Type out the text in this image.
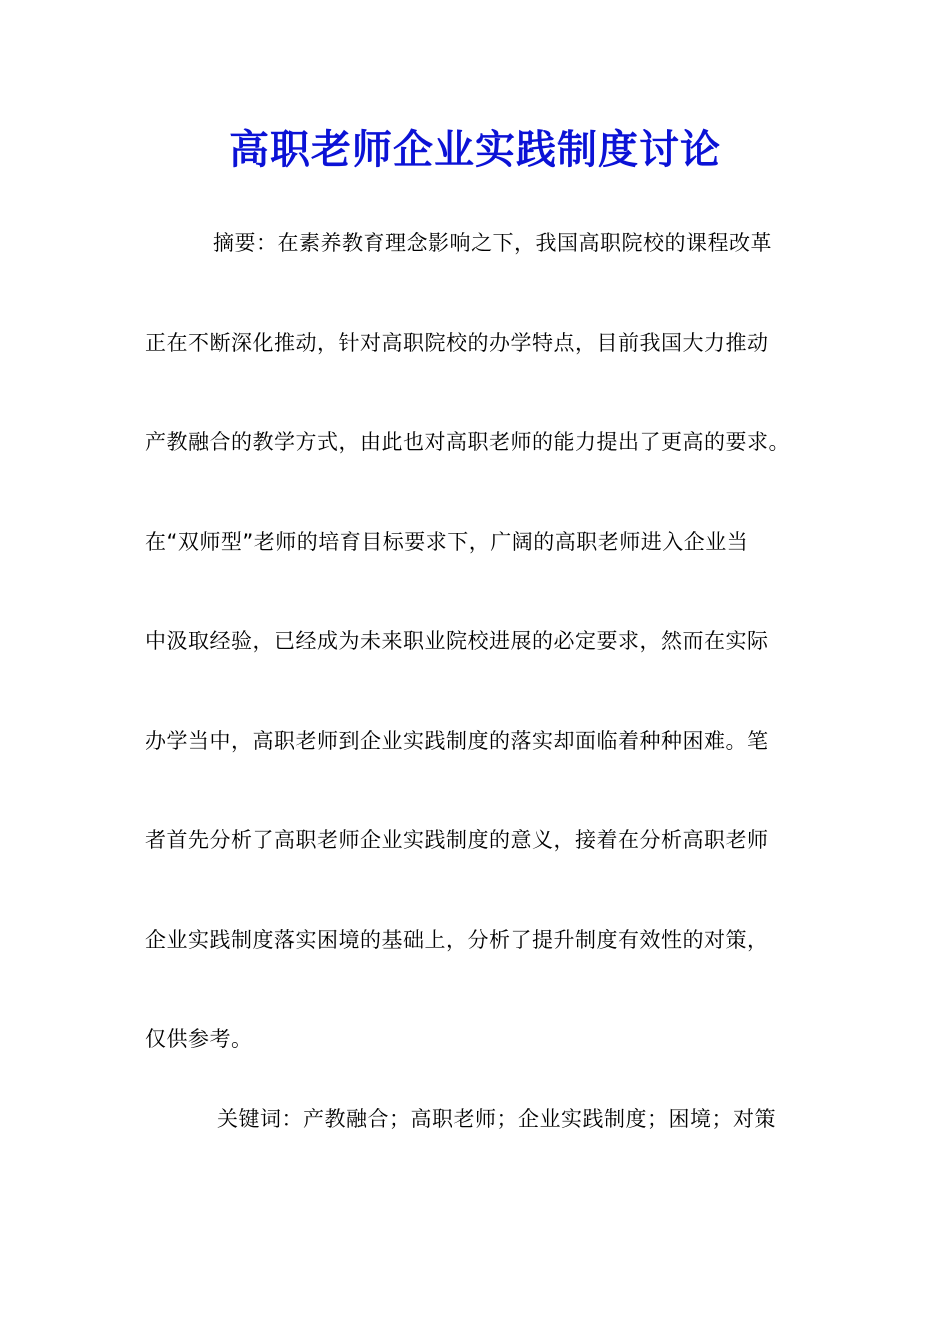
高职老师企业实践制度讨论
摘要：在素养教育理念影响之下，我国高职院校的课程改革
正在不断深化推动，针对高职院校的办学特点，目前我国大力推动
产教融合的教学方式，由此也对高职老师的能力提出了更高的要求。
在“双师型”老师的培育目标要求下，广阔的高职老师进入企业当
中汲取经验，已经成为未来职业院校进展的必定要求，然而在实际
办学当中，高职老师到企业实践制度的落实却面临着种种困难。笔
者首先分析了高职老师企业实践制度的意义，接着在分析高职老师
企业实践制度落实困境的基础上，分析了提升制度有效性的对策，
仅供参考。
关键词：产教融合；高职老师；企业实践制度；困境；对策
